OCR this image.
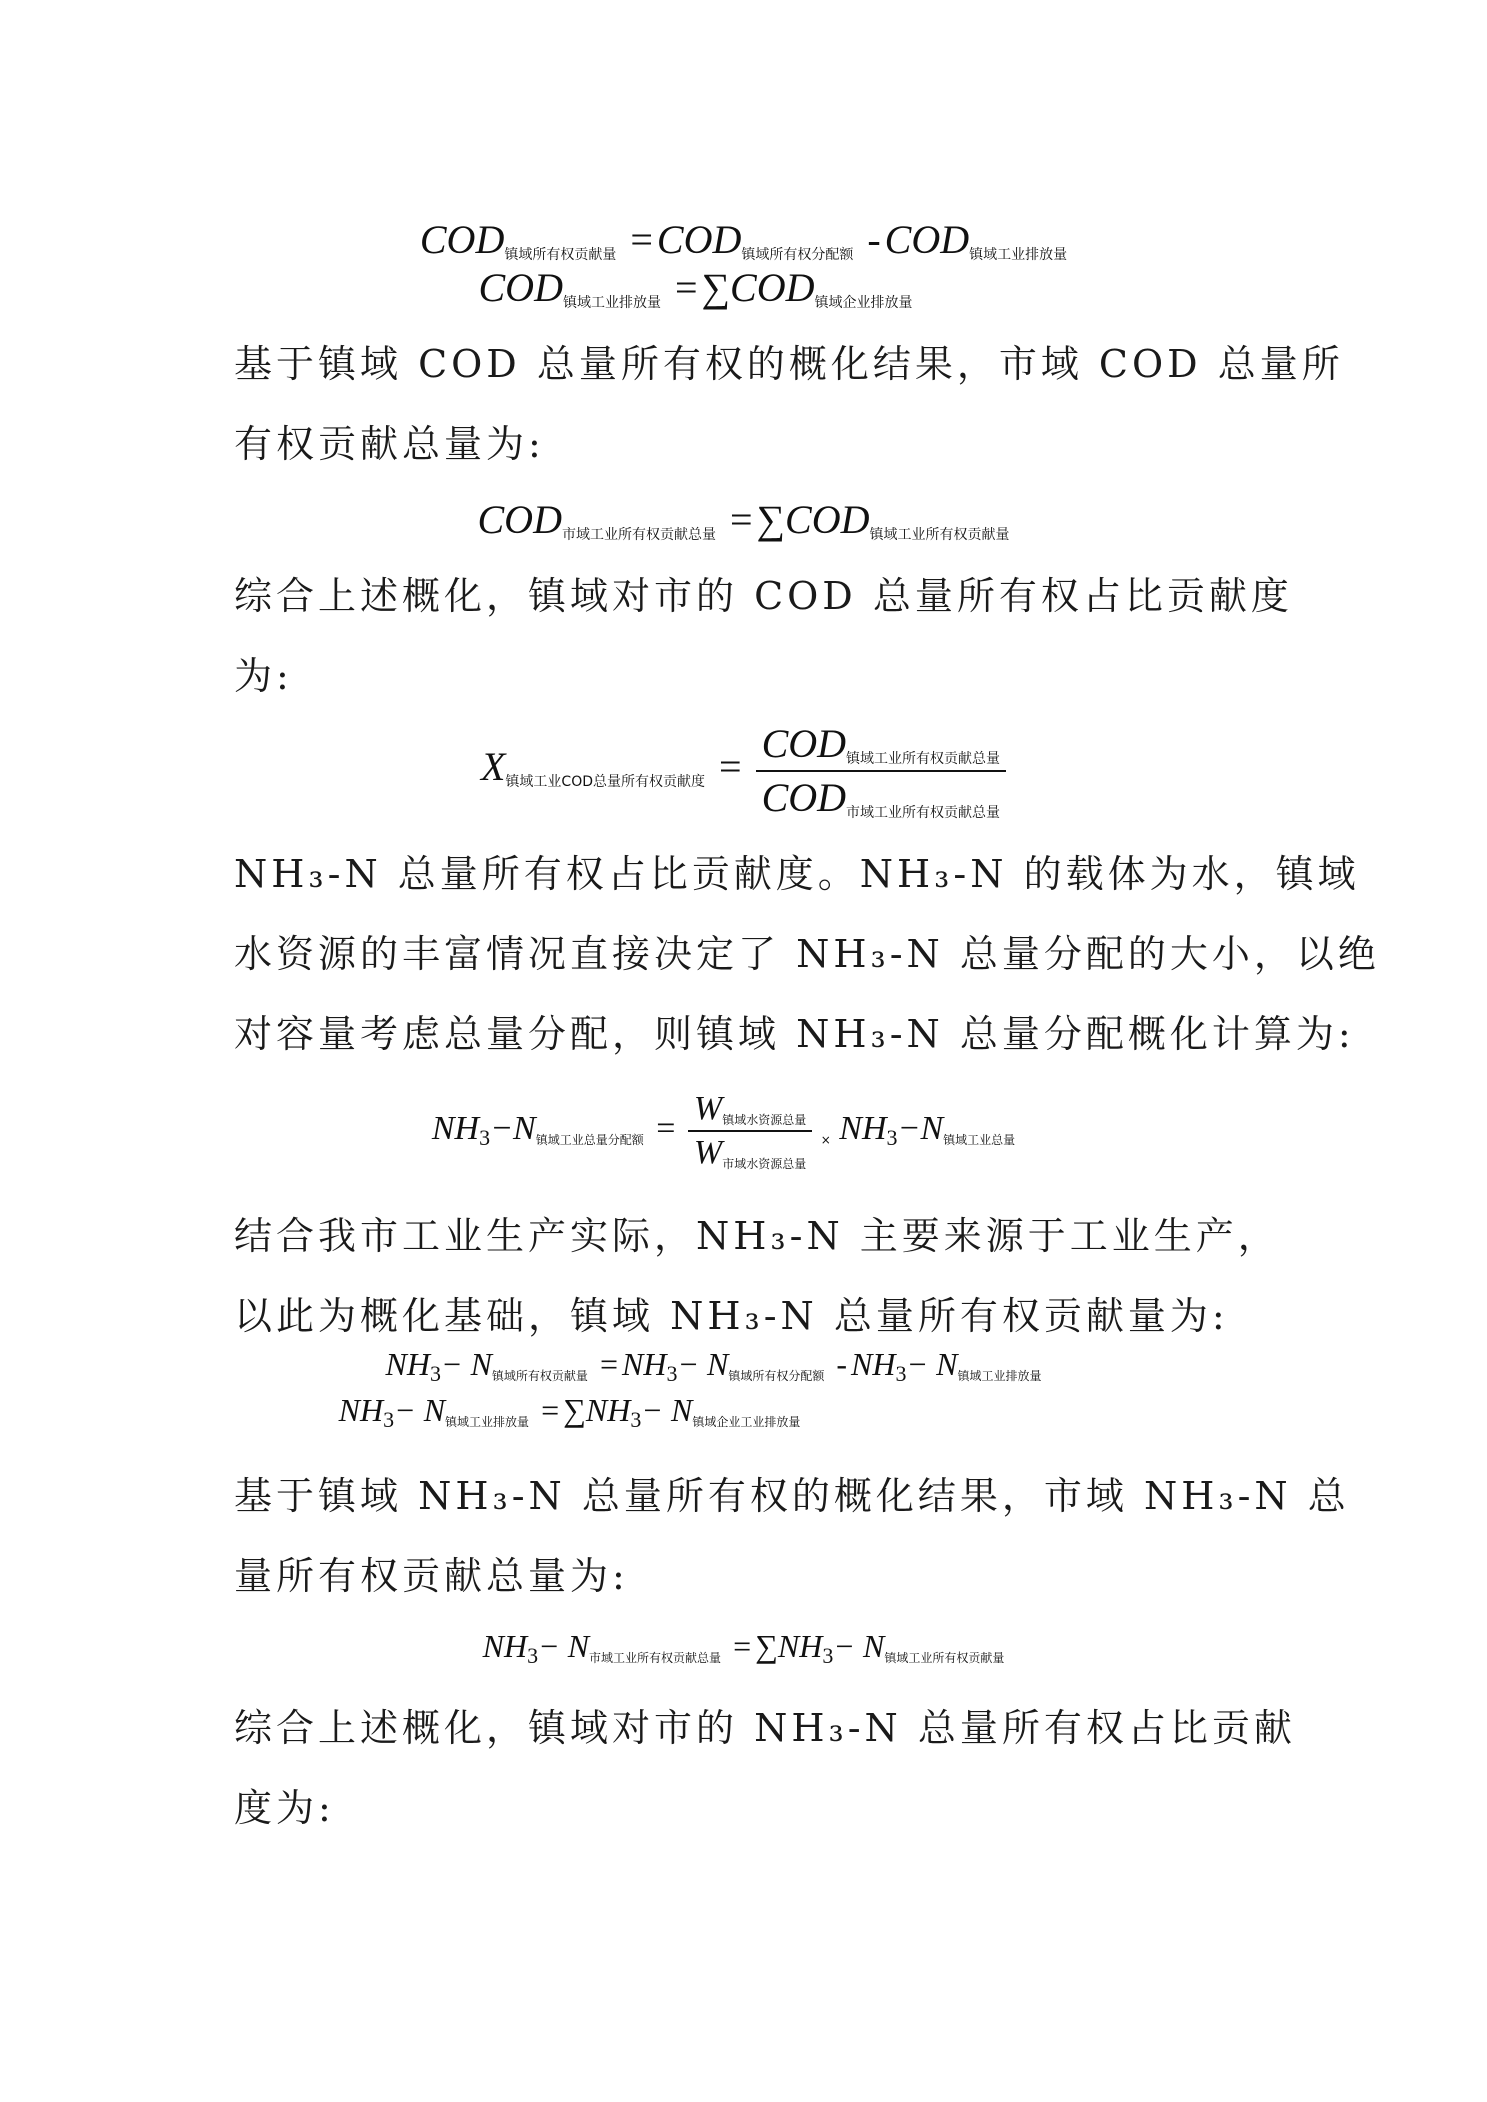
$COD_{镇域所有权贡献量} = COD_{镇域所有权分配额} - COD_{镇域工业排放量}$
$COD_{镇域工业排放量} = \sum COD_{镇域企业排放量}$
基于镇域 COD 总量所有权的概化结果，市域 COD 总量所
有权贡献总量为:
$COD_{市域工业所有权贡献总量} = \sum COD_{镇域工业所有权贡献量}$
综合上述概化，镇域对市的 COD 总量所有权占比贡献度
为:
$X_{镇域工业COD总量所有权贡献度} = \frac{COD_{镇域工业所有权贡献总量}}{COD_{市域工业所有权贡献总量}}$
NH₃-N 总量所有权占比贡献度。NH₃-N 的载体为水，镇域
水资源的丰富情况直接决定了 NH₃-N 总量分配的大小，以绝
对容量考虑总量分配，则镇域 NH₃-N 总量分配概化计算为:
NH3−N镇域工业总量分配额 = $\frac{\text{W镇域水资源总量}}{\text{W市域水资源总量}} \times NH3-N$镇域工业总量
结合我市工业生产实际，NH₃-N 主要来源于工业生产，
以此为概化基础，镇域 NH₃-N 总量所有权贡献量为:
NH3− N镇域所有权贡献量 = NH3− N镇域所有权分配额 - NH3− N镇域工业排放量
NH3− N镇域工业排放量 = ∑NH3− N镇域企业工业排放量
基于镇域 NH₃-N 总量所有权的概化结果，市域 NH₃-N 总
量所有权贡献总量为:
NH3− N市域工业所有权贡献总量 = ∑NH3− N镇域工业所有权贡献量
综合上述概化，镇域对市的 NH₃-N 总量所有权占比贡献
度为:
